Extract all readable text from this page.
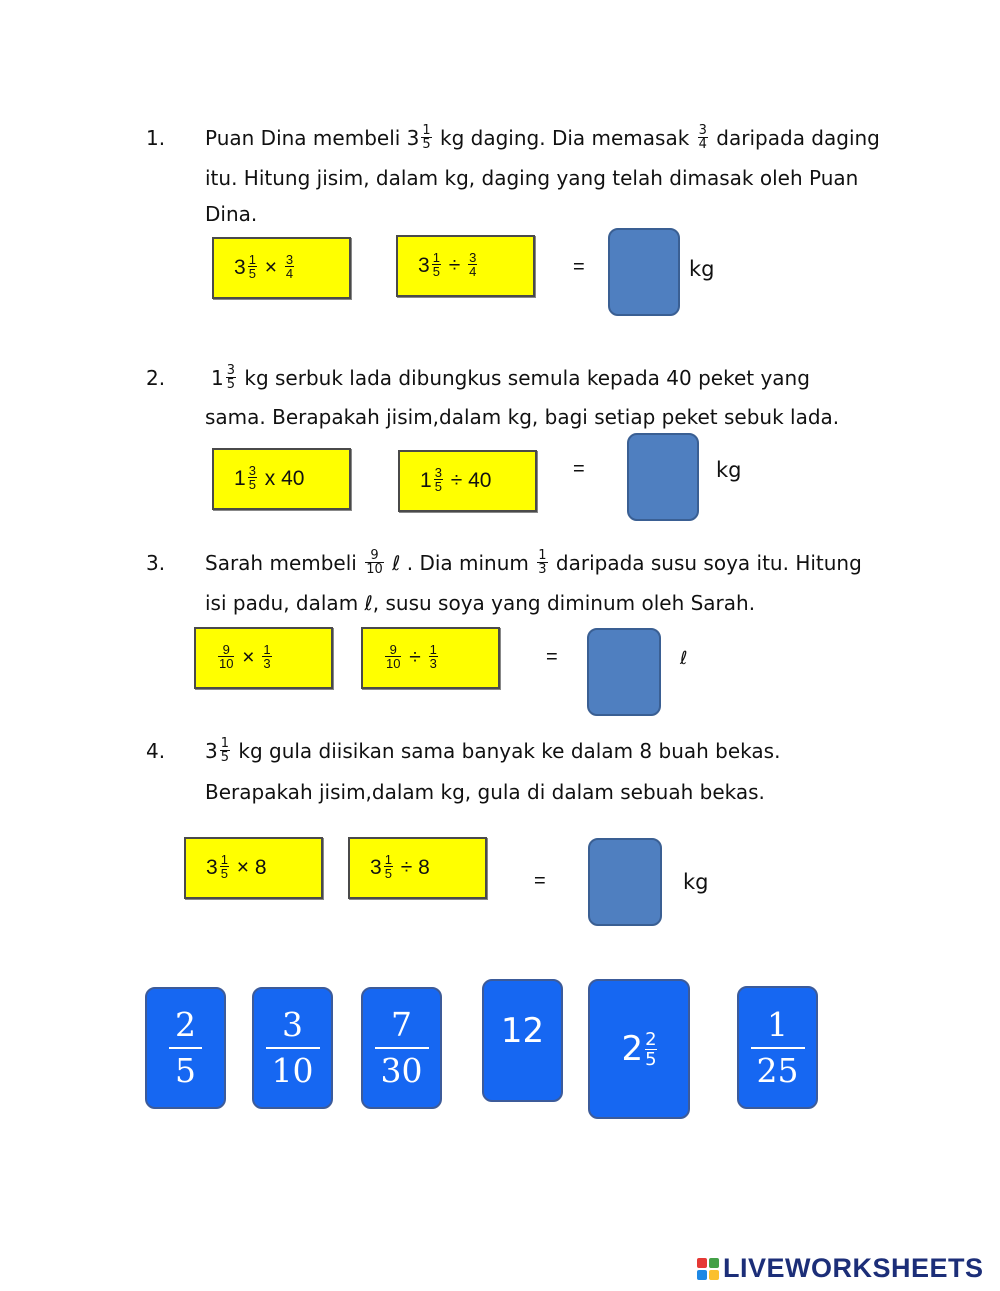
1. Puan Dina membeli $3 \frac{1}{5}$ kg daging. Dia memasak $\frac{3}{4}$ daripada daging
itu. Hitung jisim, dalam kg, daging yang telah dimasak oleh Puan
Dina.
$3 \frac{1}{5} \times \frac{3}{4}$	$3 \frac{1}{5} \div \frac{3}{4}$	=	kg
2. $1 \frac{3}{5}$ kg serbuk lada dibungkus semula kepada 40 peket yang
sama. Berapakah jisim,dalam kg, bagi setiap peket sebuk lada.
$1 \frac{3}{5}$ x 40	$1 \frac{3}{5} \div 40$	=	kg
3. Sarah membeli $\frac{9}{10}$ ℓ . Dia minum $\frac{1}{3}$ daripada susu soya itu. Hitung
isi padu, dalam ℓ, susu soya yang diminum oleh Sarah.
$\frac{9}{10} \times \frac{1}{3}$	$\frac{9}{10} \div \frac{1}{3}$	=	ℓ
4. $3 \frac{1}{5}$ kg gula diisikan sama banyak ke dalam 8 buah bekas.
Berapakah jisim,dalam kg, gula di dalam sebuah bekas.
$3 \frac{1}{5} \times 8$	$3 \frac{1}{5} \div 8$
=	kg
2
5
3
10
7
30
12 2 2
5
1
25
LIVEWORKSHEETS
